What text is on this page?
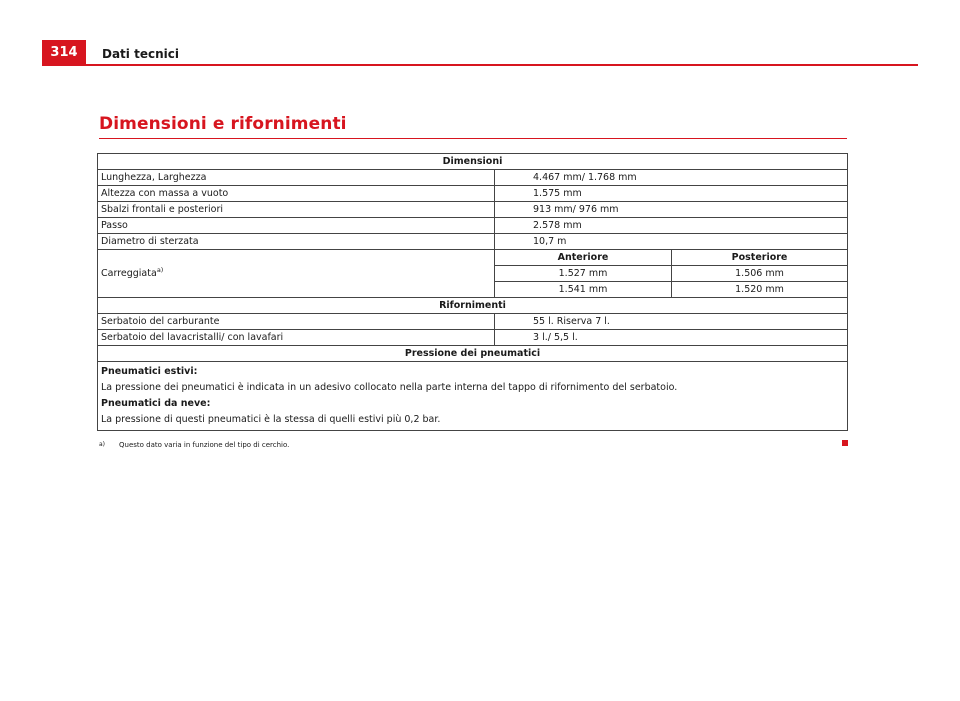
314	Dati tecnici
Dimensioni e rifornimenti
Dimensioni		
Lunghezza, Larghezza	4.467 mm/ 1.768 mm	
Altezza con massa a vuoto	1.575 mm	
Sbalzi frontali e posteriori	913 mm/ 976 mm	
Passo	2.578 mm	
Diametro di sterzata	10,7 m	
Carreggiata$^{a)}$	Anteriore	Posteriore
	1.527 mm	1.506 mm
	1.541 mm	1.520 mm
Rifornimenti		
Serbatoio del carburante	55 l. Riserva 7 l.	
Serbatoio del lavacristalli/ con lavafari	3 l./ 5,5 l.	
Pressione dei pneumatici		

Pneumatici estivi:
La pressione dei pneumatici è indicata in un adesivo collocato nella parte interna del tappo di rifornimento del serbatoio.
Pneumatici da neve:
La pressione di questi pneumatici è la stessa di quelli estivi più 0,2 bar.		
a) Questo dato varia in funzione del tipo di cerchio.
